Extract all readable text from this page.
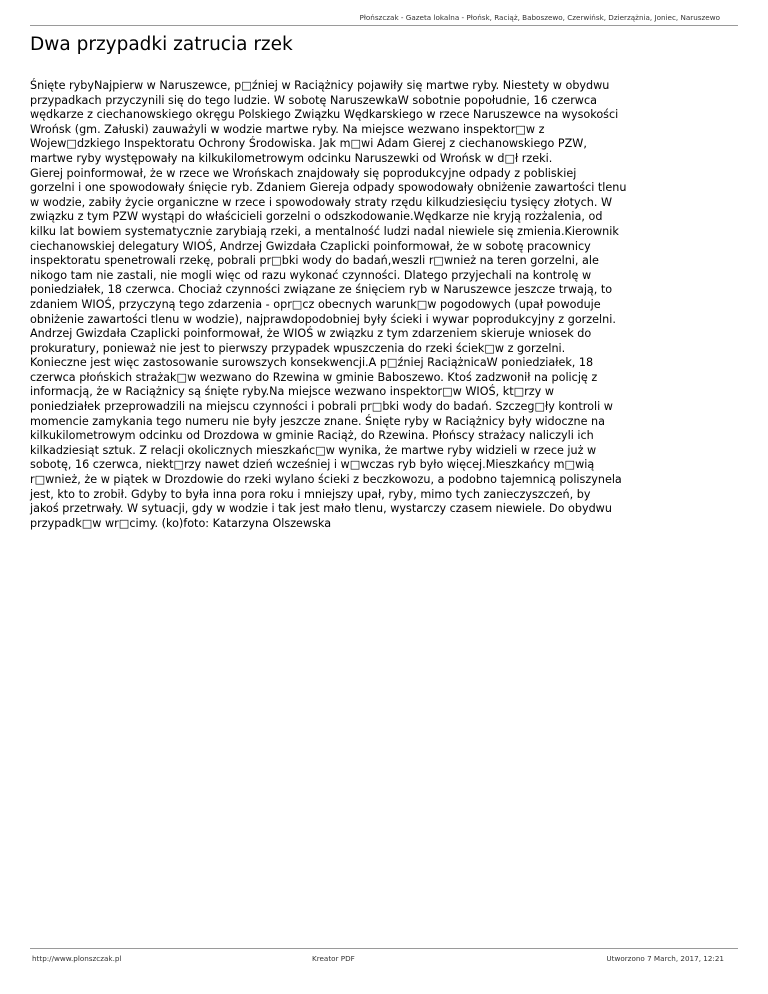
Płońszczak - Gazeta lokalna - Płońsk, Raciąż, Baboszewo, Czerwińsk, Dzierzążnia, Joniec, Naruszewo
Dwa przypadki zatrucia rzek
Śnięte rybyNajpierw w Naruszewce, p□źniej w Raciążnicy pojawiły się martwe ryby. Niestety w obydwu
przypadkach przyczynili się do tego ludzie. W sobotę NaruszewkaW sobotnie popołudnie, 16 czerwca
wędkarze z ciechanowskiego okręgu Polskiego Związku Wędkarskiego w rzece Naruszewce na wysokości
Wrońsk (gm. Załuski) zauważyli w wodzie martwe ryby. Na miejsce wezwano inspektor□w z
Wojew□dzkiego Inspektoratu Ochrony Środowiska. Jak m□wi Adam Gierej z ciechanowskiego PZW,
martwe ryby występowały na kilkukilometrowym odcinku Naruszewki od Wrońsk w d□ł rzeki.
Gierej poinformował, że w rzece we Wrońskach znajdowały się poprodukcyjne odpady z pobliskiej
gorzelni i one spowodowały śnięcie ryb. Zdaniem Giereja odpady spowodowały obniżenie zawartości tlenu
w wodzie, zabiły życie organiczne w rzece i spowodowały straty rzędu kilkudziesięciu tysięcy złotych. W
związku z tym PZW wystąpi do właścicieli gorzelni o odszkodowanie.Wędkarze nie kryją rozżalenia, od
kilku lat bowiem systematycznie zarybiają rzeki, a mentalność ludzi nadal niewiele się zmienia.Kierownik
ciechanowskiej delegatury WIOŚ, Andrzej Gwizdała Czaplicki poinformował, że w sobotę pracownicy
inspektoratu spenetrowali rzekę, pobrali pr□bki wody do badań,weszli r□wnież na teren gorzelni, ale
nikogo tam nie zastali, nie mogli więc od razu wykonać czynności. Dlatego przyjechali na kontrolę w
poniedziałek, 18 czerwca. Chociaż czynności związane ze śnięciem ryb w Naruszewce jeszcze trwają, to
zdaniem WIOŚ, przyczyną tego zdarzenia - opr□cz obecnych warunk□w pogodowych (upał powoduje
obniżenie zawartości tlenu w wodzie), najprawdopodobniej były ścieki i wywar poprodukcyjny z gorzelni.
Andrzej Gwizdała Czaplicki poinformował, że WIOŚ w związku z tym zdarzeniem skieruje wniosek do
prokuratury, ponieważ nie jest to pierwszy przypadek wpuszczenia do rzeki ściek□w z gorzelni.
Konieczne jest więc zastosowanie surowszych konsekwencji.A p□źniej RaciążnicaW poniedziałek, 18
czerwca płońskich strażak□w wezwano do Rzewina w gminie Baboszewo. Ktoś zadzwonił na policję z
informacją, że w Raciążnicy są śnięte ryby.Na miejsce wezwano inspektor□w WIOŚ, kt□rzy w
poniedziałek przeprowadzili na miejscu czynności i pobrali pr□bki wody do badań. Szczeg□ły kontroli w
momencie zamykania tego numeru nie były jeszcze znane. Śnięte ryby w Raciążnicy były widoczne na
kilkukilometrowym odcinku od Drozdowa w gminie Raciąż, do Rzewina. Płońscy strażacy naliczyli ich
kilkadziesiąt sztuk. Z relacji okolicznych mieszkańc□w wynika, że martwe ryby widzieli w rzece już w
sobotę, 16 czerwca, niekt□rzy nawet dzień wcześniej i w□wczas ryb było więcej.Mieszkańcy m□wią
r□wnież, że w piątek w Drozdowie do rzeki wylano ścieki z beczkowozu, a podobno tajemnicą poliszynela
jest, kto to zrobił. Gdyby to była inna pora roku i mniejszy upał, ryby, mimo tych zanieczyszczeń, by
jakoś przetrwały. W sytuacji, gdy w wodzie i tak jest mało tlenu, wystarczy czasem niewiele. Do obydwu
przypadk□w wr□cimy. (ko)foto: Katarzyna Olszewska
http://www.plonszczak.pl	Kreator PDF	Utworzono 7 March, 2017, 12:21
